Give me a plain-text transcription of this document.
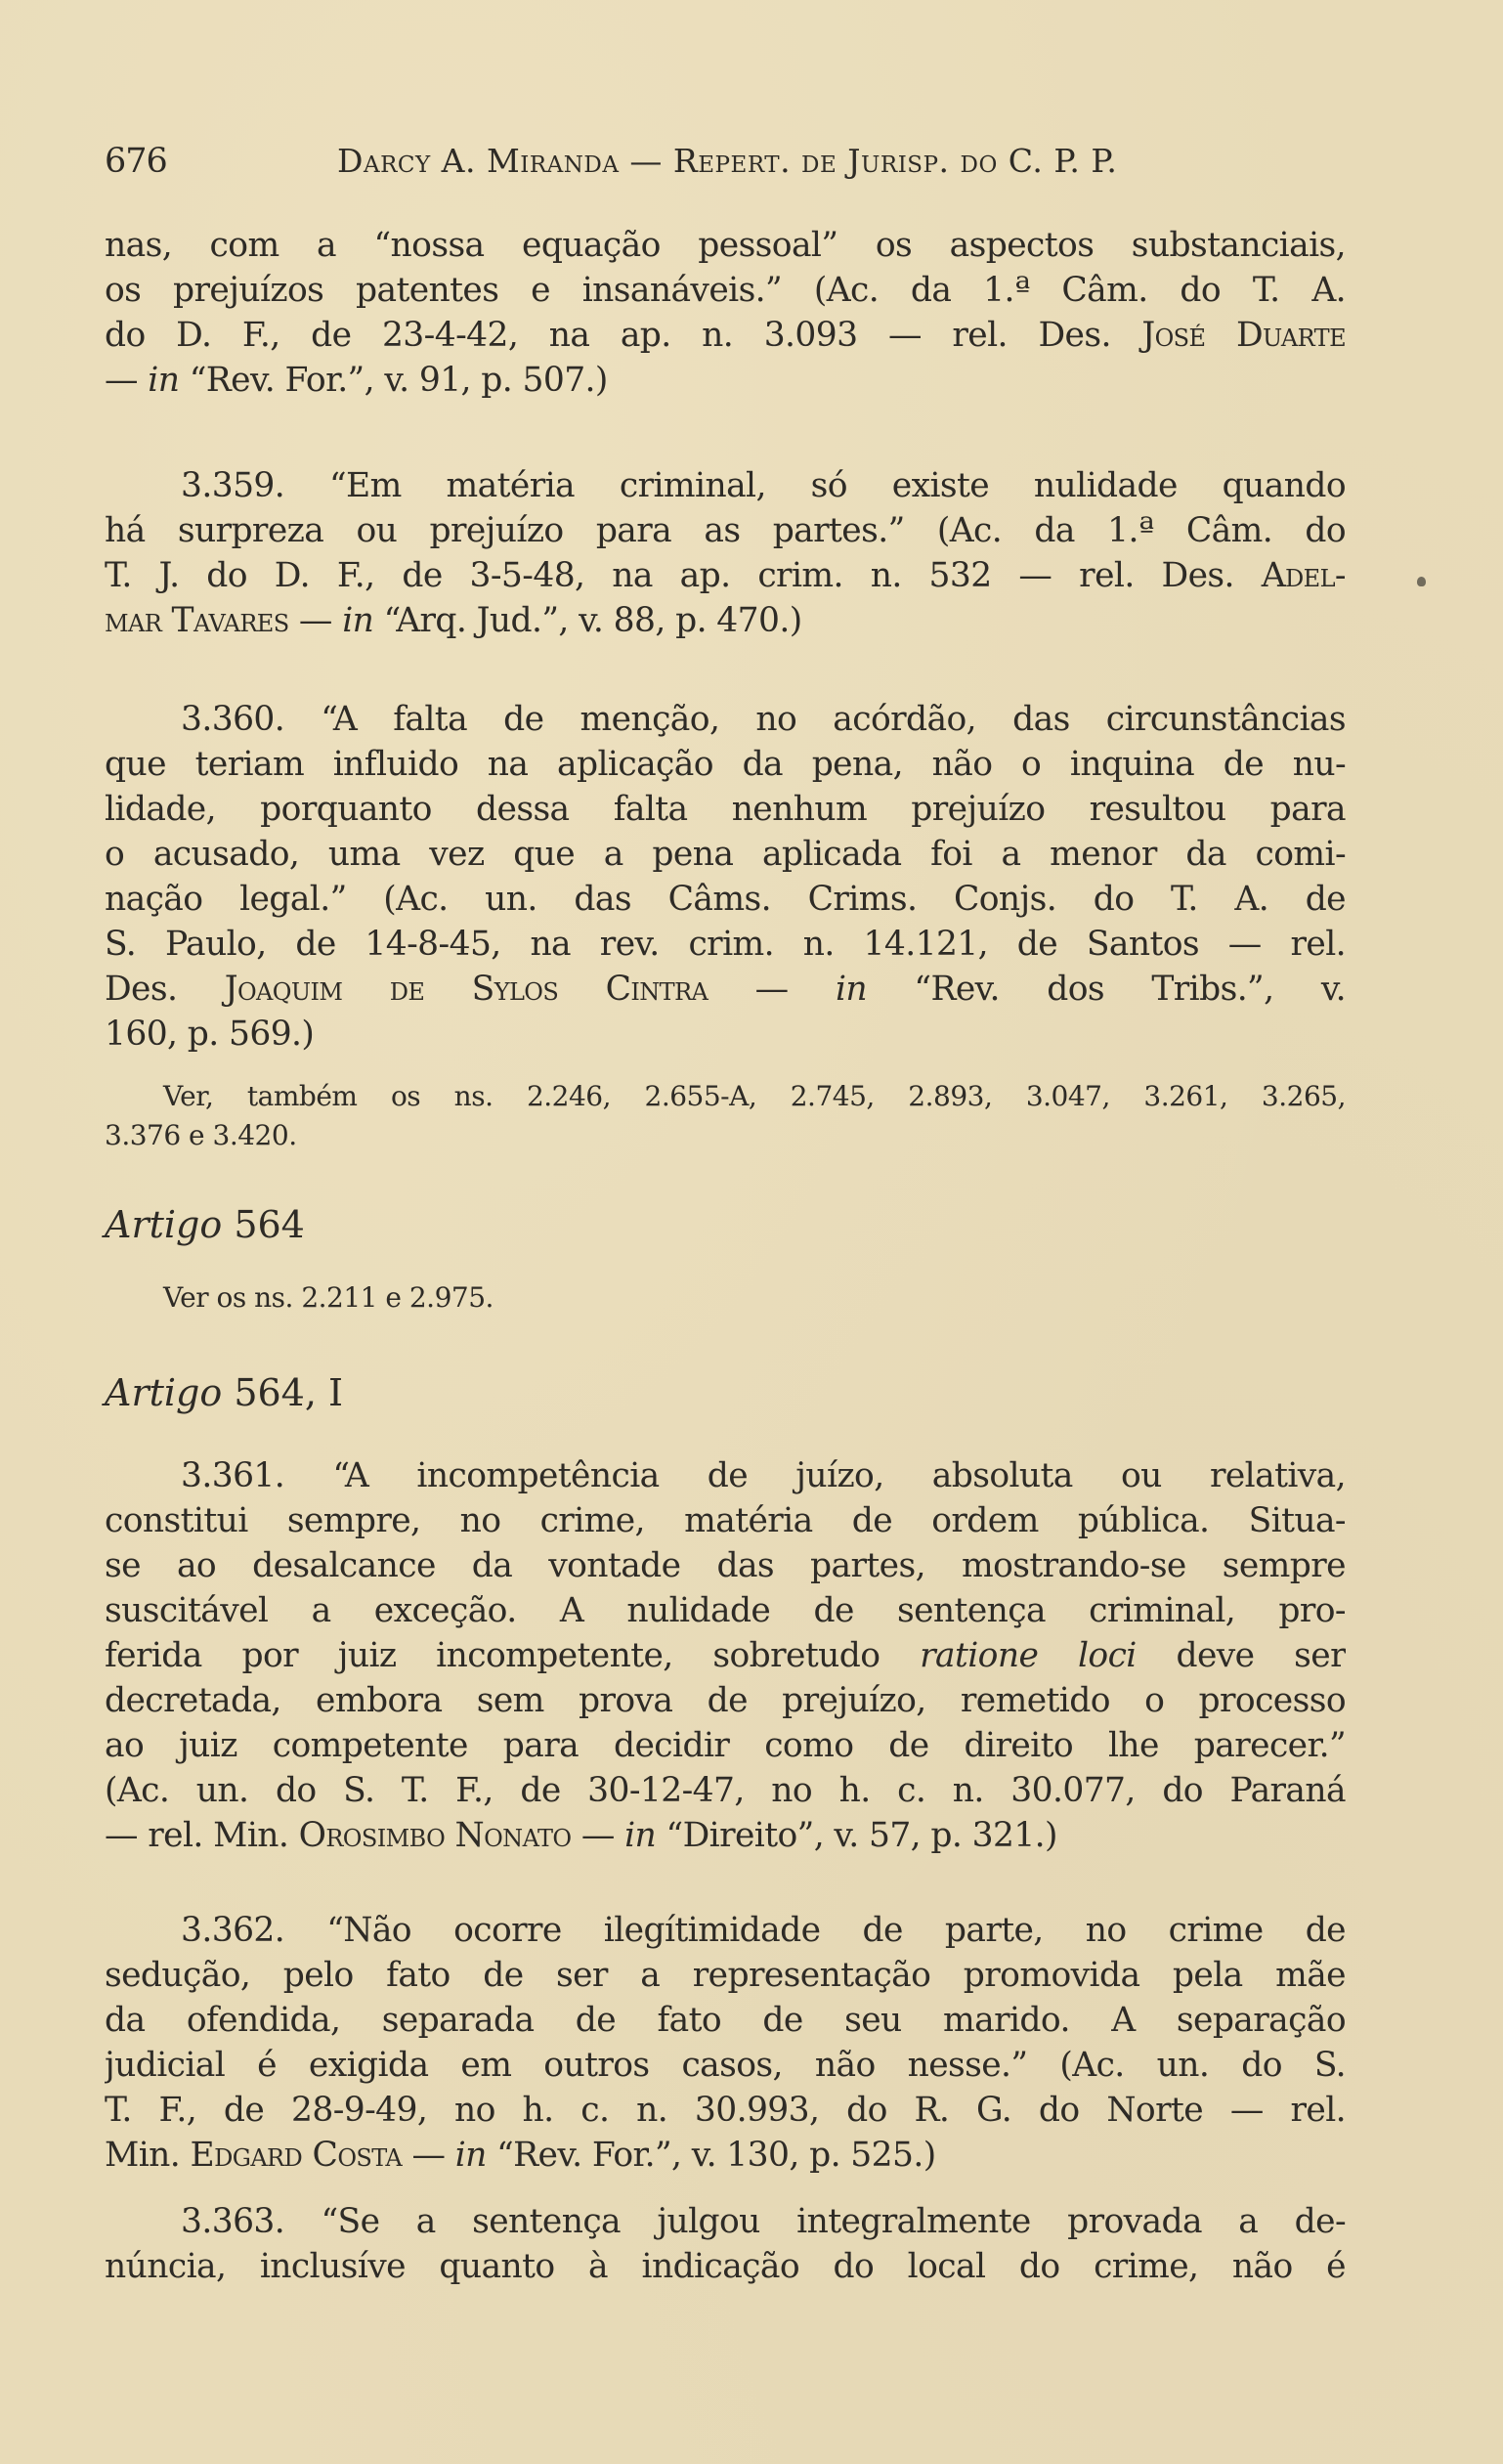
676	Darcy A. Miranda — Repert. de Jurisp. do C. P. P.
nas, com a “nossa equação pessoal” os aspectos substanciais,
os prejuízos patentes e insanáveis.” (Ac. da 1.ª Câm. do T. A.
do D. F., de 23-4-42, na ap. n. 3.093 — rel. Des. José Duarte
— in “Rev. For.”, v. 91, p. 507.)
3.359. “Em matéria criminal, só existe nulidade quando
há surpreza ou prejuízo para as partes.” (Ac. da 1.ª Câm. do
T. J. do D. F., de 3-5-48, na ap. crim. n. 532 — rel. Des. Adel-
mar Tavares — in “Arq. Jud.”, v. 88, p. 470.)
3.360. “A falta de menção, no acórdão, das circunstâncias
que teriam influido na aplicação da pena, não o inquina de nu-
lidade, porquanto dessa falta nenhum prejuízo resultou para
o acusado, uma vez que a pena aplicada foi a menor da comi-
nação legal.” (Ac. un. das Câms. Crims. Conjs. do T. A. de
S. Paulo, de 14-8-45, na rev. crim. n. 14.121, de Santos — rel.
Des. Joaquim de Sylos Cintra — in “Rev. dos Tribs.”, v.
160, p. 569.)
Ver, também os ns. 2.246, 2.655-A, 2.745, 2.893, 3.047, 3.261, 3.265,
3.376 e 3.420.
Artigo 564
Ver os ns. 2.211 e 2.975.
Artigo 564, I
3.361. “A incompetência de juízo, absoluta ou relativa,
constitui sempre, no crime, matéria de ordem pública. Situa-
se ao desalcance da vontade das partes, mostrando-se sempre
suscitável a exceção. A nulidade de sentença criminal, pro-
ferida por juiz incompetente, sobretudo ratione loci deve ser
decretada, embora sem prova de prejuízo, remetido o processo
ao juiz competente para decidir como de direito lhe parecer.”
(Ac. un. do S. T. F., de 30-12-47, no h. c. n. 30.077, do Paraná
— rel. Min. Orosimbo Nonato — in “Direito”, v. 57, p. 321.)
3.362. “Não ocorre ilegítimidade de parte, no crime de
sedução, pelo fato de ser a representação promovida pela mãe
da ofendida, separada de fato de seu marido. A separação
judicial é exigida em outros casos, não nesse.” (Ac. un. do S.
T. F., de 28-9-49, no h. c. n. 30.993, do R. G. do Norte — rel.
Min. Edgard Costa — in “Rev. For.”, v. 130, p. 525.)
3.363. “Se a sentença julgou integralmente provada a de-
núncia, inclusíve quanto à indicação do local do crime, não é
